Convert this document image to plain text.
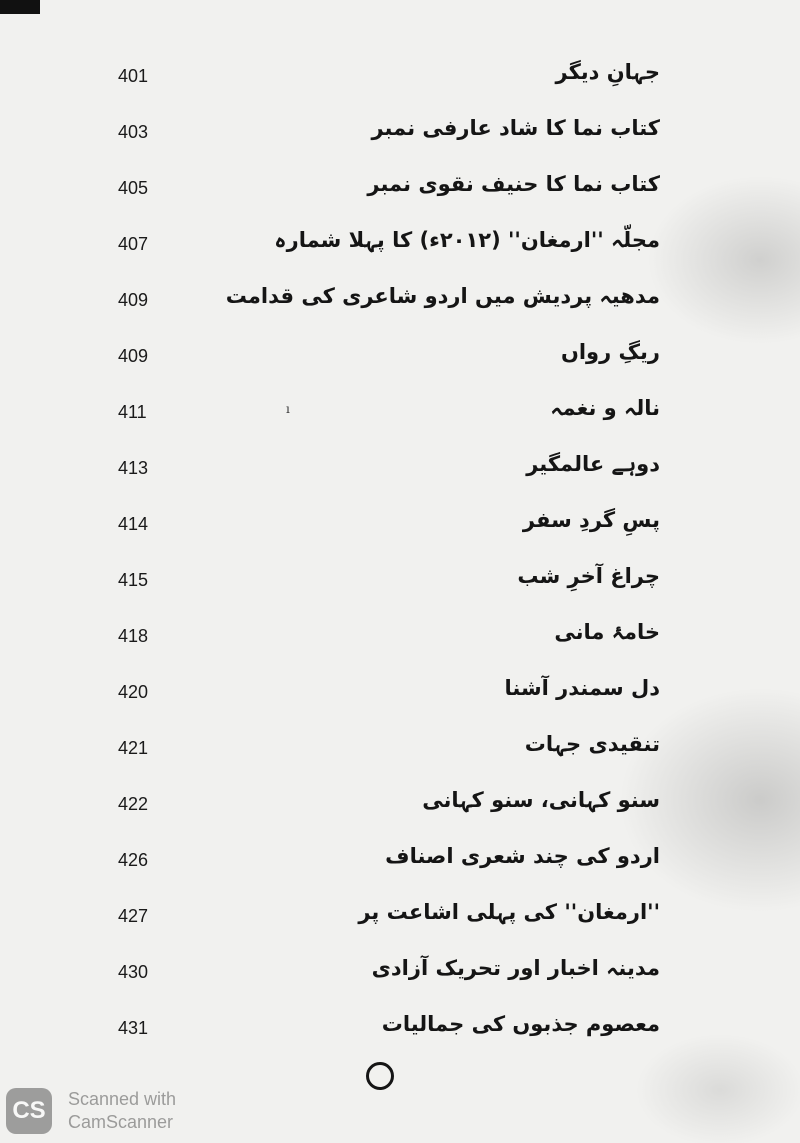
401	جہانِ دیگر
403	کتاب نما کا شاد عارفی نمبر
405	کتاب نما کا حنیف نقوی نمبر
407	مجلّہ ''ارمغان'' (۲۰۱۲ء) کا پہلا شمارہ
409	مدھیہ پردیش میں اردو شاعری کی قدامت
409	ریگِ رواں
411	نالہ و نغمہ
413	دوہے عالمگیر
414	پسِ گردِ سفر
415	چراغ آخرِ شب
418	خامۂ مانی
420	دل سمندر آشنا
421	تنقیدی جہات
422	سنو کہانی، سنو کہانی
426	اردو کی چند شعری اصناف
427	''ارمغان'' کی پہلی اشاعت پر
430	مدینہ اخبار اور تحریک آزادی
431	معصوم جذبوں کی جمالیات
ı
CS	Scanned with
CamScanner
